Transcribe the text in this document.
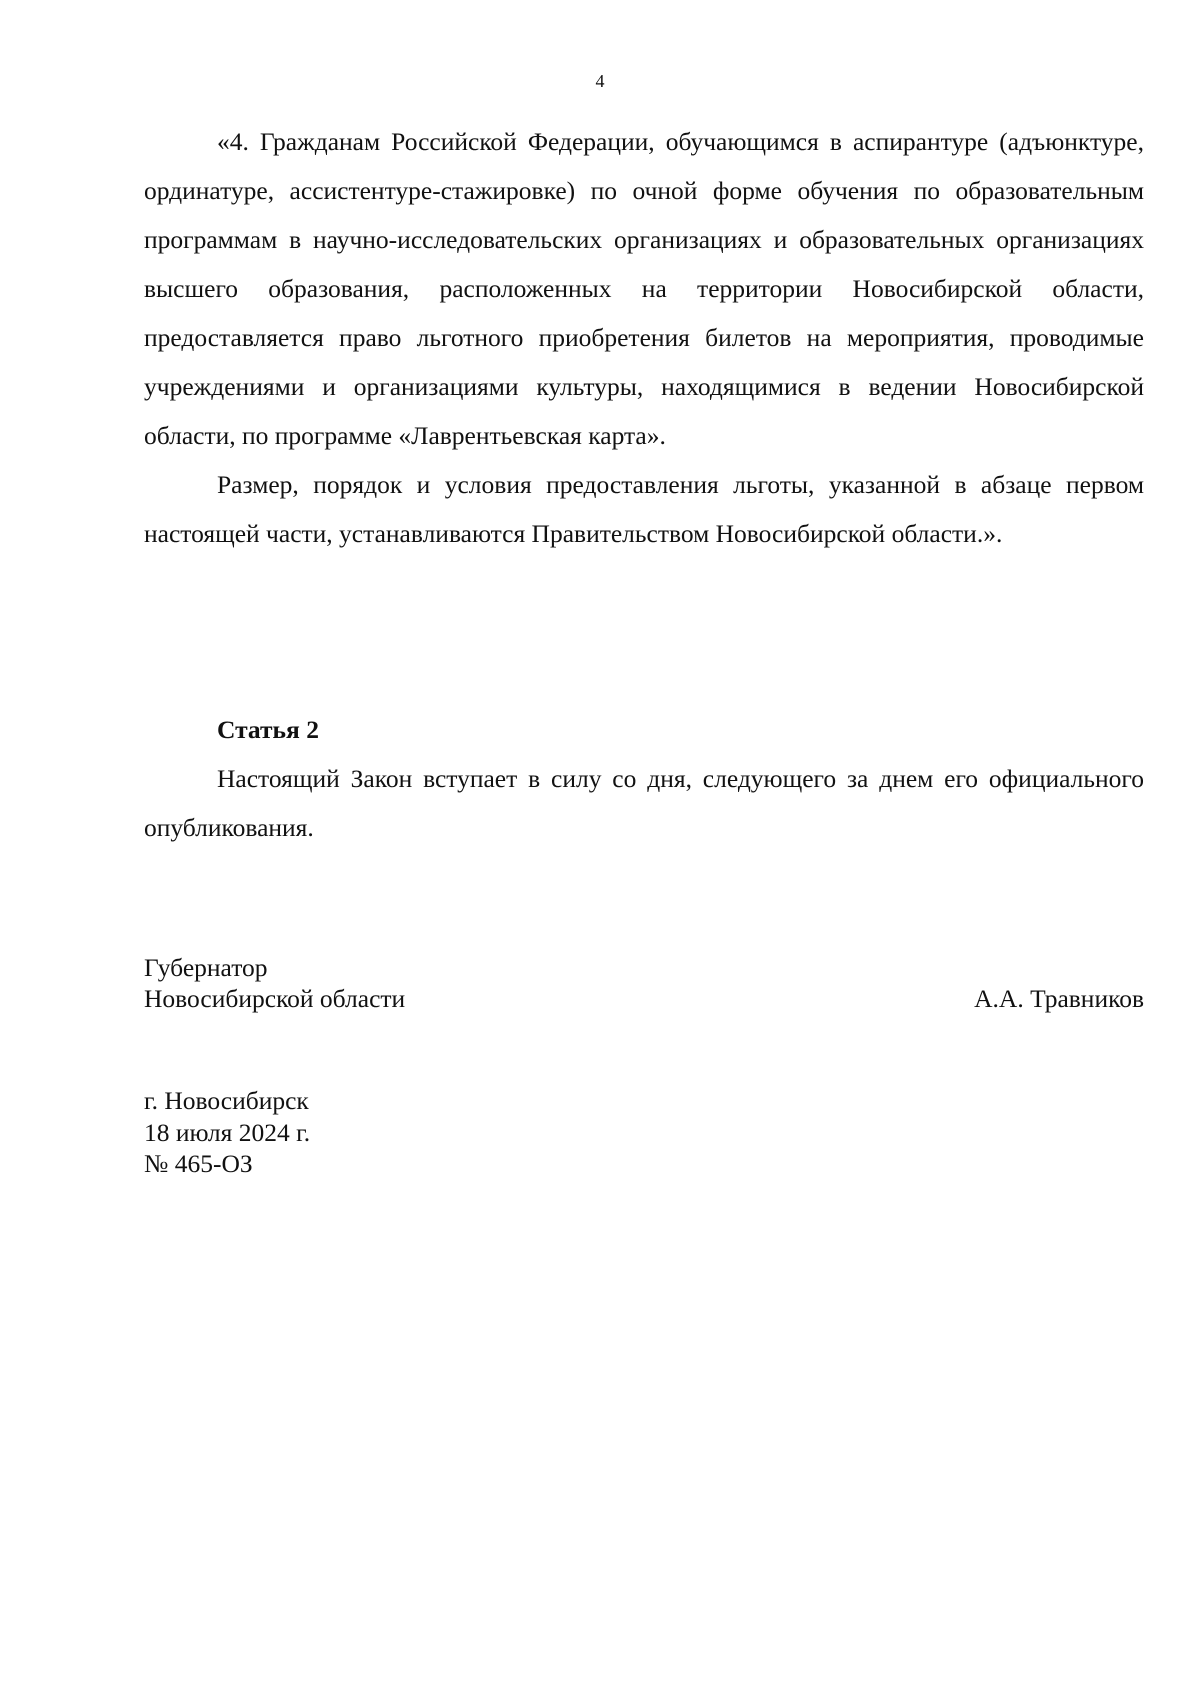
4

«4. Гражданам Российской Федерации, обучающимся в аспирантуре (адъюнктуре, ординатуре, ассистентуре-стажировке) по очной форме обучения по образовательным программам в научно-исследовательских организациях и образовательных организациях высшего образования, расположенных на территории Новосибирской области, предоставляется право льготного приобретения билетов на мероприятия, проводимые учреждениями и организациями культуры, находящимися в ведении Новосибирской области, по программе «Лаврентьевская карта».

Размер, порядок и условия предоставления льготы, указанной в абзаце первом настоящей части, устанавливаются Правительством Новосибирской области.».

Статья 2

Настоящий Закон вступает в силу со дня, следующего за днем его официального опубликования.

Губернатор
Новосибирской области	А.А. Травников
г. Новосибирск
18 июля 2024 г.
№ 465-ОЗ
